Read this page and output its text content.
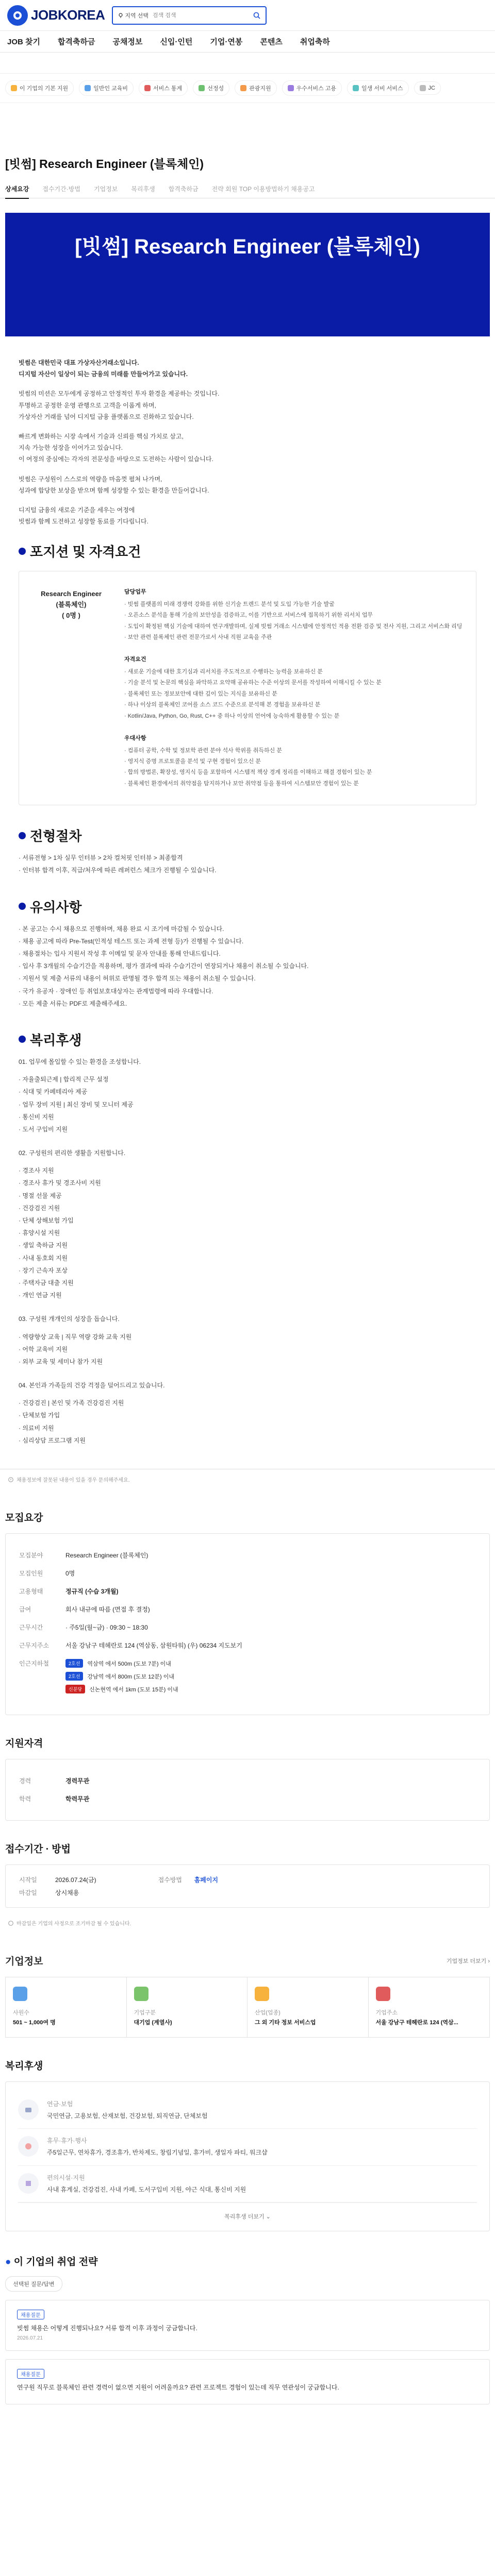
JOBKOREA	지역 선택
검색 검색
JOB 찾기 합격축하금 공채정보 신입·인턴 기업·연봉 콘텐츠 취업축하
이 기업의 기본 지원	일반인 교육비	서비스 통계	선정성	관광지원	우수서비스 고용	일생 서비 서비스	JC
[빗썸] Research Engineer (블록체인)
상세요강 접수기간·방법 기업정보 복리후생 합격축하금 전략 회원 TOP 이용방법하기 채용공고
[빗썸] Research Engineer (블록체인)

빗썸은 대한민국 대표 가상자산거래소입니다.
디지털 자산이 일상이 되는 금융의 미래를 만들어가고 있습니다.

빗썸의 미션은 모두에게 공정하고 안정적인 투자 환경을 제공하는 것입니다.
투명하고 공정한 운영 관행으로 고객을 이롭게 하며,
가상자산 거래를 넘어 디지털 금융 플랫폼으로 진화하고 있습니다.

빠르게 변화하는 시장 속에서 기술과 신뢰를 핵심 가치로 삼고,
지속 가능한 성장을 이어가고 있습니다.
이 여정의 중심에는 각자의 전문성을 바탕으로 도전하는 사람이 있습니다.

빗썸은 구성원이 스스로의 역량을 마음껏 펼쳐 나가며,
성과에 합당한 보상을 받으며 함께 성장할 수 있는 환경을 만들어갑니다.

디지털 금융의 새로운 기준을 세우는 여정에
빗썸과 함께 도전하고 성장할 동료를 기다립니다.

포지션 및 자격요건
Research Engineer
(블록체인)
( 0명 )
담당업무
· 빗썸 플랫폼의 미래 경쟁력 강화를 위한 신기술 트렌드 분석 및 도입 가능한 기술 발굴
· 오픈소스 분석을 통해 기술의 보안성을 검증하고, 이를 기반으로 서비스에 접목하기 위한 리서치 업무
· 도입이 확정된 핵심 기술에 대하여 연구개발하며, 실제 빗썸 거래소 시스템에 안정적인 적용 전환 검증 및 전사 지원, 그리고 서비스화 리딩
· 보안 관련 블록체인 관련 전문가로서 사내 직원 교육을 주관
자격요건
· 새로운 기술에 대한 호기심과 리서치를 주도적으로 수행하는 능력을 보유하신 분
· 기술 분석 및 논문의 핵심을 파악하고 요약해 공유하는 수준 이상의 문서를 작성하여 이해시킬 수 있는 분
· 블록체인 또는 정보보안에 대한 깊이 있는 지식을 보유하신 분
· 하나 이상의 블록체인 코어를 소스 코드 수준으로 분석해 본 경험을 보유하신 분
· Kotlin/Java, Python, Go, Rust, C++ 중 하나 이상의 언어에 능숙하게 활용할 수 있는 분
우대사항
· 컴퓨터 공학, 수학 및 정보학 관련 분야 석사 학위를 취득하신 분
· 영지식 증명 프로토콜을 분석 및 구현 경험이 있으신 분
· 합의 방법론, 확장성, 영지식 등을 포함하여 시스템적 책상 경계 정리를 이해하고 해결 경험이 있는 분
· 블록체인 환경에서의 취약점을 탐지하거나 보안 취약점 등을 통하여 시스템보안 경험이 있는 분
전형절차

· 서류전형 > 1차 실무 인터뷰 > 2차 컬처핏 인터뷰 > 최종합격

· 인터뷰 합격 이후, 직급/처우에 따른 레퍼런스 체크가 진행될 수 있습니다.

유의사항

· 본 공고는 수시 채용으로 진행하며, 채용 완료 시 조기에 마감될 수 있습니다.

· 채용 공고에 따라 Pre-Test(인적성 테스트 또는 과제 전형 등)가 진행될 수 있습니다.

· 채용절차는 입사 지원서 작성 후 이메일 및 문자 안내를 통해 안내드립니다.

· 입사 후 3개월의 수습기간을 적용하며, 평가 결과에 따라 수습기간이 연장되거나 채용이 취소될 수 있습니다.

· 지원서 및 제출 서류의 내용이 허위로 판명될 경우 합격 또는 채용이 취소될 수 있습니다.

· 국가 유공자 · 장애인 등 취업보호대상자는 관계법령에 따라 우대합니다.

· 모든 제출 서류는 PDF로 제출해주세요.

복리후생

01. 업무에 몰입할 수 있는 환경을 조성합니다.

· 자율출퇴근제 | 합리적 근무 설정

· 식대 및 카페테리아 제공

· 업무 장비 지원 | 최신 장비 및 모니터 제공

· 통신비 지원

· 도서 구입비 지원

02. 구성원의 편리한 생활을 지원합니다.

· 경조사 지원

· 경조사 휴가 및 경조사비 지원

· 명절 선물 제공

· 건강검진 지원

· 단체 상해보험 가입

· 휴양시설 지원

· 생일 축하금 지원

· 사내 동호회 지원

· 장기 근속자 포상

· 주택자금 대출 지원

· 개인 연금 지원

03. 구성원 개개인의 성장을 돕습니다.

· 역량향상 교육 | 직무 역량 강화 교육 지원

· 어학 교육비 지원

· 외부 교육 및 세미나 참가 지원

04. 본인과 가족들의 건강 걱정을 덜어드리고 있습니다.

· 건강검진 | 본인 및 가족 건강검진 지원

· 단체보험 가입

· 의료비 지원

· 심리상담 프로그램 지원

채용정보에 잘못된 내용이 있을 경우 문의해주세요.
모집요강
모집분야	Research Engineer (블록체인)
모집인원	0명
고용형태	정규직 (수습 3개월)
급여	회사 내규에 따름 (면접 후 결정)
근무시간	· 주5일(월~금) · 09:30 ~ 18:30
근무지주소	서울 강남구 테헤란로 124 (역삼동, 삼원타워) (우) 06234 지도보기
인근지하철	2호선	역삼역 에서 500m (도보 7분) 이내
2호선	강남역 에서 800m (도보 12분) 이내
신분당	신논현역 에서 1km (도보 15분) 이내
지원자격
경력	경력무관
학력	학력무관
접수기간 · 방법
시작일	2026.07.24(금)
마감일	상시채용
접수방법 홈페이지
마감일은 기업의 사정으로 조기마감 될 수 있습니다.
기업정보	기업정보 더보기 ›
사원수
501 ~ 1,000여 명
기업구분
대기업 (계열사)
산업(업종)
그 외 기타 정보 서비스업
기업주소
서울 강남구 테헤란로 124 (역삼...
복리후생
연금·보험
국민연금, 고용보험, 산재보험, 건강보험, 퇴직연금, 단체보험
휴무·휴가·행사
주5일근무, 연차휴가, 경조휴가, 반차제도, 창립기념일, 휴가비, 생일자 파티, 워크샵
편의시설·지원
사내 휴게실, 건강검진, 사내 카페, 도서구입비 지원, 야근 식대, 통신비 지원
복리후생 더보기 ⌄
● 이 기업의 취업 전략
선택된 질문/답변
채용질문
빗썸 채용은 어떻게 진행되나요? 서류 합격 이후 과정이 궁금합니다.
2026.07.21
채용질문
연구원 직무로 블록체인 관련 경력이 없으면 지원이 어려울까요? 관련 프로젝트 경험이 있는데 직무 연관성이 궁금합니다.
